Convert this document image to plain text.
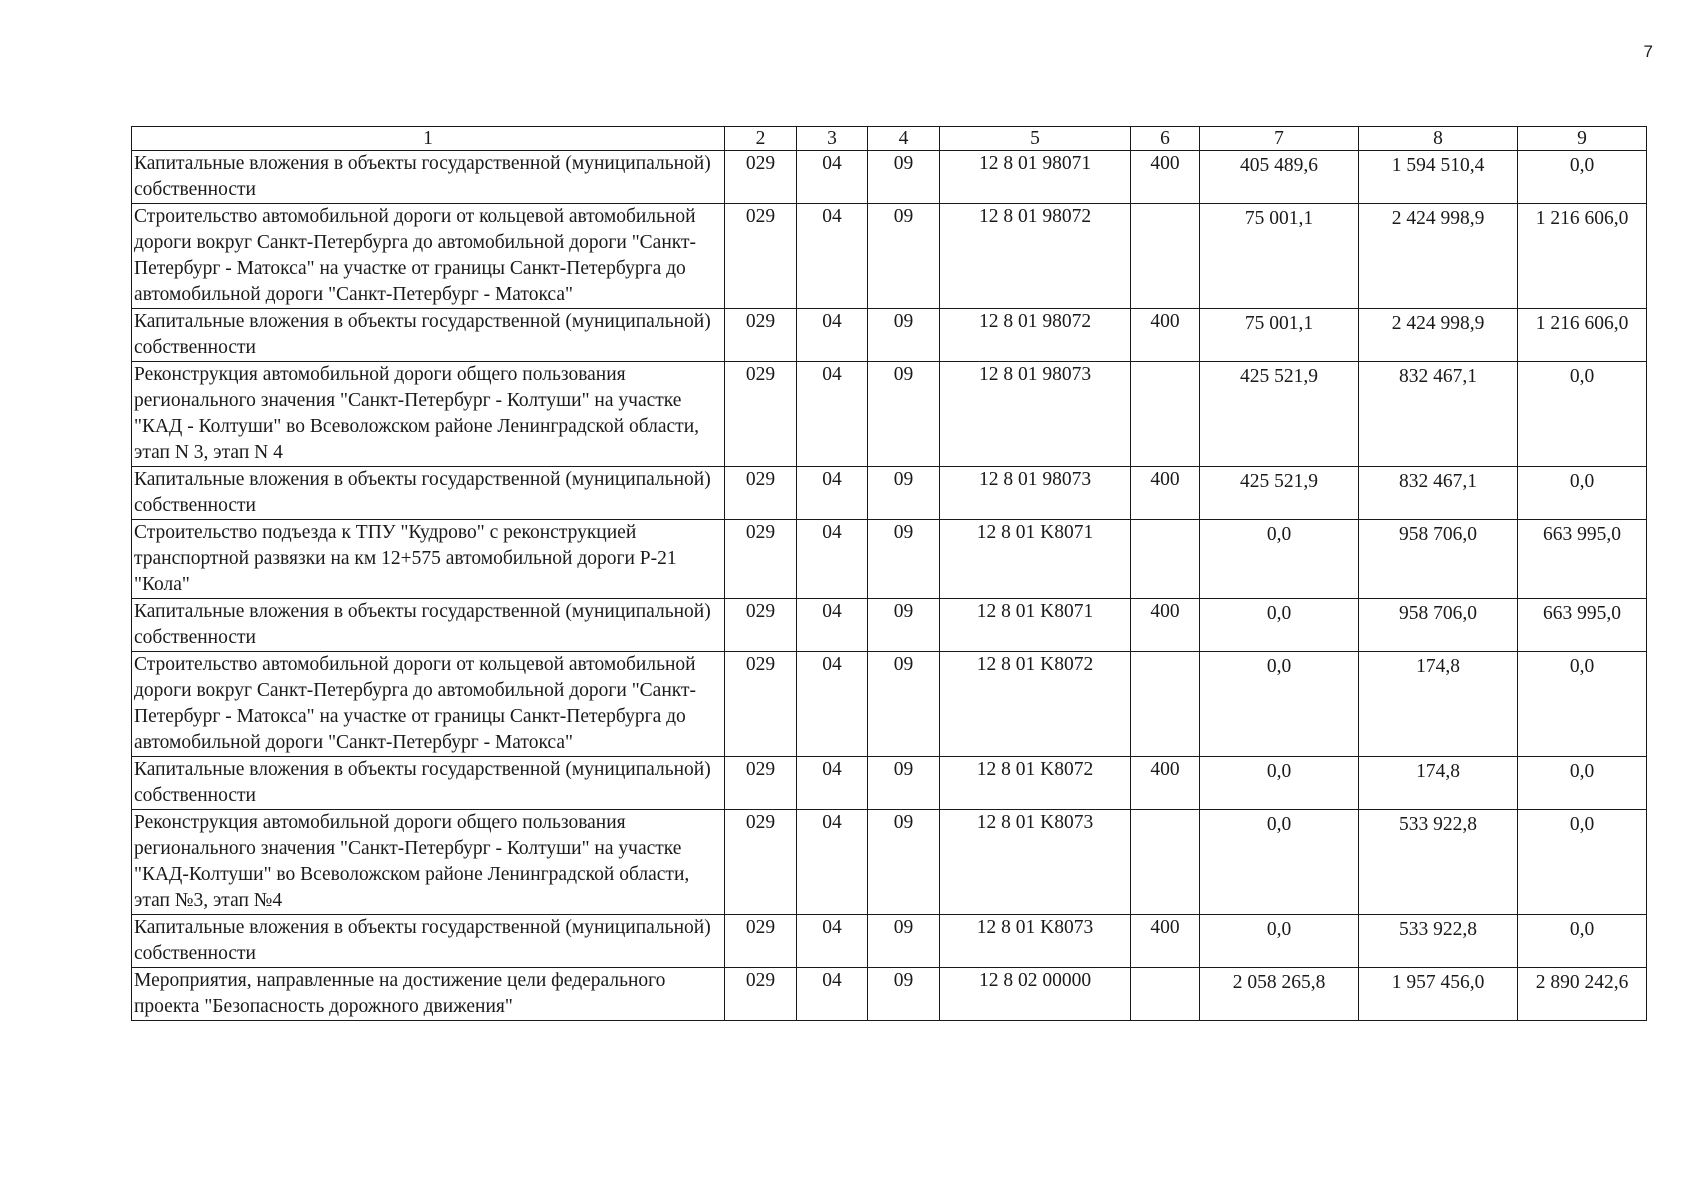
7
1	2	3	4	5	6	7	8	9
Капитальные вложения в объекты государственной (муниципальной) собственности	029	04	09	12 8 01 98071	400	405 489,6	1 594 510,4	0,0
Строительство автомобильной дороги от кольцевой автомобильной дороги вокруг Санкт-Петербурга до автомобильной дороги "Санкт-Петербург - Матокса" на участке от границы Санкт-Петербурга до автомобильной дороги "Санкт-Петербург - Матокса"	029	04	09	12 8 01 98072		75 001,1	2 424 998,9	1 216 606,0
Капитальные вложения в объекты государственной (муниципальной) собственности	029	04	09	12 8 01 98072	400	75 001,1	2 424 998,9	1 216 606,0
Реконструкция автомобильной дороги общего пользования регионального значения "Санкт-Петербург - Колтуши" на участке "КАД - Колтуши" во Всеволожском районе Ленинградской области, этап N 3, этап N 4	029	04	09	12 8 01 98073		425 521,9	832 467,1	0,0
Капитальные вложения в объекты государственной (муниципальной) собственности	029	04	09	12 8 01 98073	400	425 521,9	832 467,1	0,0
Строительство подъезда к ТПУ "Кудрово" с реконструкцией транспортной развязки на км 12+575 автомобильной дороги Р-21 "Кола"	029	04	09	12 8 01 K8071		0,0	958 706,0	663 995,0
Капитальные вложения в объекты государственной (муниципальной) собственности	029	04	09	12 8 01 K8071	400	0,0	958 706,0	663 995,0
Строительство автомобильной дороги от кольцевой автомобильной дороги вокруг Санкт-Петербурга до автомобильной дороги "Санкт-Петербург - Матокса" на участке от границы Санкт-Петербурга до автомобильной дороги "Санкт-Петербург - Матокса"	029	04	09	12 8 01 K8072		0,0	174,8	0,0
Капитальные вложения в объекты государственной (муниципальной) собственности	029	04	09	12 8 01 K8072	400	0,0	174,8	0,0
Реконструкция автомобильной дороги общего пользования регионального значения "Санкт-Петербург - Колтуши" на участке "КАД-Колтуши" во Всеволожском районе Ленинградской области, этап №3, этап №4	029	04	09	12 8 01 K8073		0,0	533 922,8	0,0
Капитальные вложения в объекты государственной (муниципальной) собственности	029	04	09	12 8 01 K8073	400	0,0	533 922,8	0,0
Мероприятия, направленные на достижение цели федерального проекта "Безопасность дорожного движения"	029	04	09	12 8 02 00000		2 058 265,8	1 957 456,0	2 890 242,6
